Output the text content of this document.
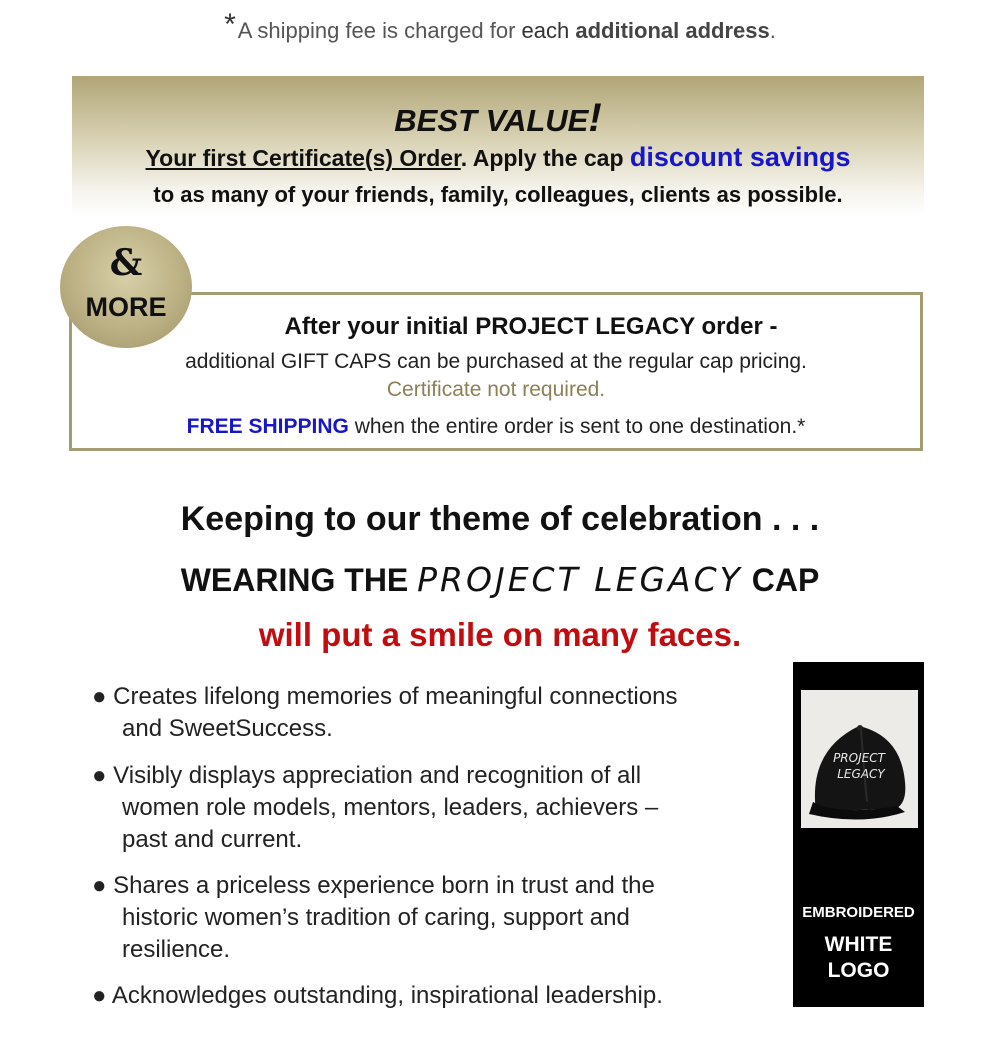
*A shipping fee is charged for each additional address.
BEST VALUE!
Your first Certificate(s) Order. Apply the cap discount savings
to as many of your friends, family, colleagues, clients as possible.
After your initial PROJECT LEGACY order -
additional GIFT CAPS can be purchased at the regular cap pricing.
Certificate not required.
FREE SHIPPING when the entire order is sent to one destination.*
&
MORE
Keeping to our theme of celebration . . .
WEARING THE PROJECT LEGACY CAP
will put a smile on many faces.
● Creates lifelong memories of meaningful connections
and SweetSuccess.
● Visibly displays appreciation and recognition of all
women role models, mentors, leaders, achievers –
past and current.
● Shares a priceless experience born in trust and the
historic women’s tradition of caring, support and
resilience.
● Acknowledges outstanding, inspirational leadership.
PROJECT
LEGACY
EMBROIDERED
WHITE
LOGO
